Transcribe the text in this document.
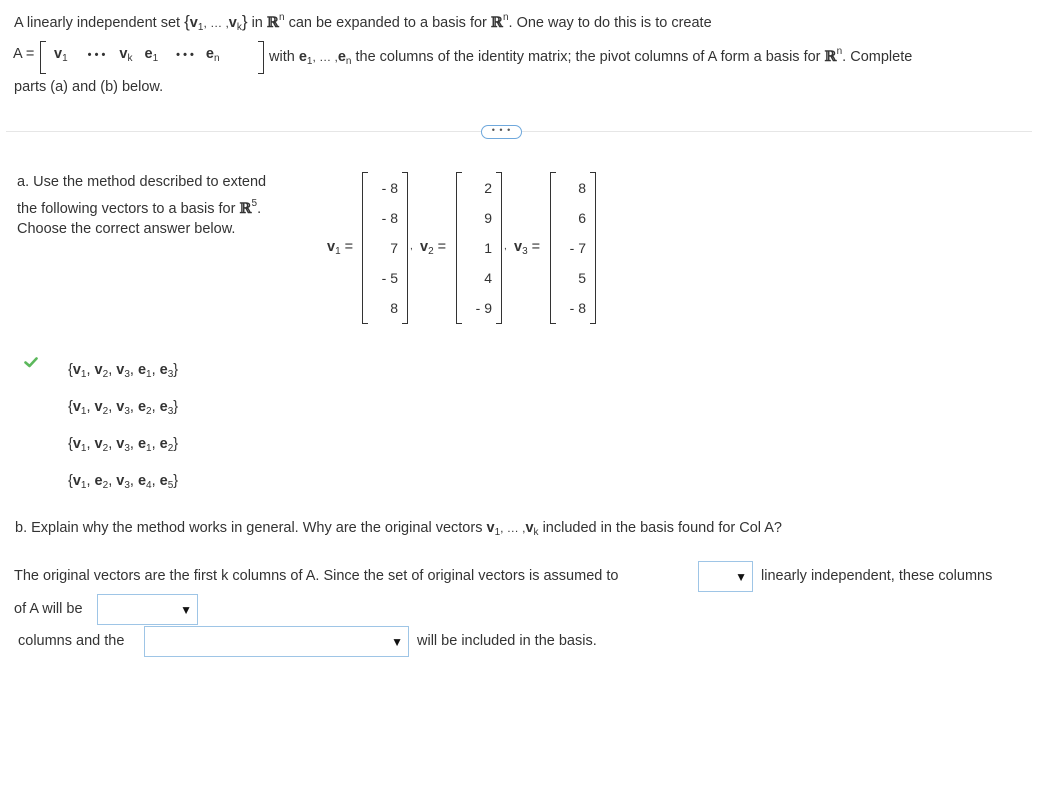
A linearly independent set {$v_1$, … $,v_k$} in ℝ$^n$ can be expanded to a basis for ℝ$^n$. One way to do this is to create
$A = v_1$ • • • $v_k$ $e_1$ • • • $e_n$	with $e_1$, … $,e_n$ the columns of the identity matrix; the pivot columns of A form a basis for ℝ$^n$. Complete
parts (a) and (b) below.
• • •
a. Use the method described to extend
the following vectors to a basis for ℝ$^5$.
Choose the correct answer below.
$v_1$ =
- 8
- 8
7
- 5
8
, $v_2$ =
2
9
1
4
- 9
, $v_3$ =
8
6
- 7
5
- 8
{$v_1$, $v_2$, $v_3$, $e_1$, $e_3$}
{$v_1$, $v_2$, $v_3$, $e_2$, $e_3$}
{$v_1$, $v_2$, $v_3$, $e_1$, $e_2$}
{$v_1$, $e_2$, $v_3$, $e_4$, $e_5$}
b. Explain why the method works in general. Why are the original vectors $v_1$, … $,v_k$ included in the basis found for Col A?
The original vectors are the first k columns of A. Since the set of original vectors is assumed to	▼ linearly independent, these columns
of A will be	▼
columns and the	▼ will be included in the basis.
